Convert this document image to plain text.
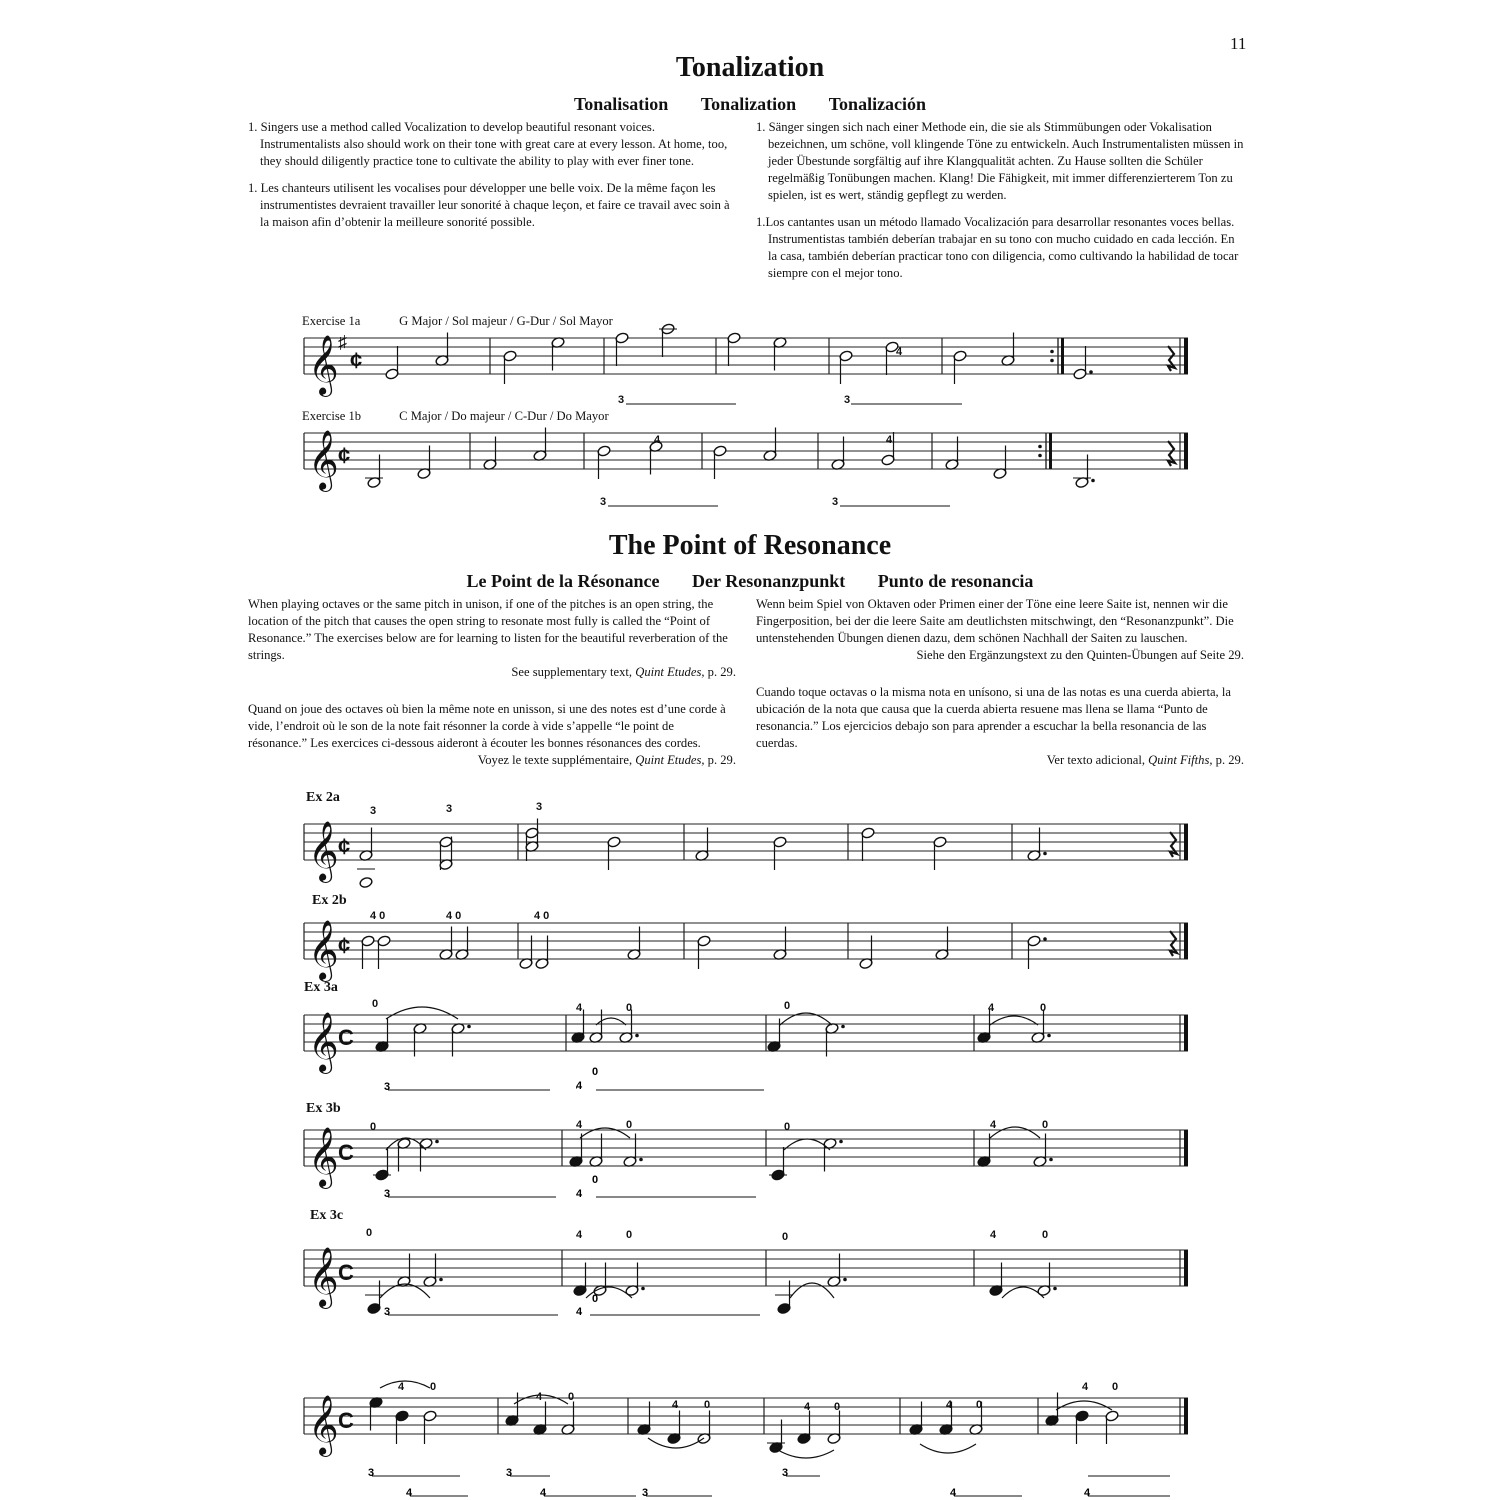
11
Tonalization
Tonalisation Tonalization Tonalización

1. Singers use a method called Vocalization to develop beautiful resonant voices. Instrumentalists also should work on their tone with great care at every lesson. At home, too, they should diligently practice tone to cultivate the ability to play with ever finer tone.

1. Les chanteurs utilisent les vocalises pour développer une belle voix. De la même façon les instrumentistes devraient travailler leur sonorité à chaque leçon, et faire ce travail avec soin à la maison afin d’obtenir la meilleure sonorité possible.

1. Sänger singen sich nach einer Methode ein, die sie als Stimmübungen oder Vokalisation bezeichnen, um schöne, voll klingende Töne zu entwickeln. Auch Instrumentalisten müssen in jeder Übestunde sorgfältig auf ihre Klangqualität achten. Zu Hause sollten die Schüler regelmäßig Tonübungen machen. Klang! Die Fähigkeit, mit immer differenzierterem Ton zu spielen, ist es wert, ständig gepflegt zu werden.

1.Los cantantes usan un método llamado Vocalización para desarrollar resonantes voces bellas. Instrumentistas también deberían trabajar en su tono con mucho cuidado en cada lección. En la casa, también deberían practicar tono con diligencia, como cultivando la habilidad de tocar siempre con el mejor tono.

Exercise 1a	G Major / Sol majeur / G-Dur / Sol Mayor
𝄞 ♯
¢	4
3	3
Exercise 1b	C Major / Do majeur / C-Dur / Do Mayor
𝄞 ¢
4	4
3	3
The Point of Resonance
Le Point de la Résonance Der Resonanzpunkt Punto de resonancia
When playing octaves or the same pitch in unison, if one of the pitches is an open string, the location of the pitch that causes the open string to resonate most fully is called the “Point of Resonance.” The exercises below are for learning to listen for the beautiful reverberation of the strings.
See supplementary text, Quint Etudes, p. 29.
Quand on joue des octaves où bien la même note en unisson, si une des notes est d’une corde à vide, l’endroit où le son de la note fait résonner la corde à vide s’appelle “le point de résonance.” Les exercices ci-dessous aideront à écouter les bonnes résonances des cordes.
Voyez le texte supplémentaire, Quint Etudes, p. 29.
Wenn beim Spiel von Oktaven oder Primen einer der Töne eine leere Saite ist, nennen wir die Fingerposition, bei der die leere Saite am deutlichsten mitschwingt, den “Resonanzpunkt”. Die untenstehenden Übungen dienen dazu, dem schönen Nachhall der Saiten zu lauschen.
Siehe den Ergänzungstext zu den Quinten-Übungen auf Seite 29.
Cuando toque octavas o la misma nota en unísono, si una de las notas es una cuerda abierta, la ubicación de la nota que causa que la cuerda abierta resuene mas llena se llama “Punto de resonancia.” Los ejercicios debajo son para aprender a escuchar la bella resonancia de las cuerdas.
Ver texto adicional, Quint Fifths, p. 29.
Ex 2a
𝄞 ¢
3	3	3
Ex 2b
𝄞 ¢
4 0	4 0	4 0
Ex 3a
𝄞 C
0	4	0	0	4	0
3	4
0
Ex 3b
𝄞 C
0	4	0	0	4	0
3	4
0
Ex 3c
𝄞 C
0	4	0	0	4	0
3	4
0
𝄞 C
4 0
4 0
4 0	4 0	4 0
4 0
3
4
3
4	3
3
4	4
